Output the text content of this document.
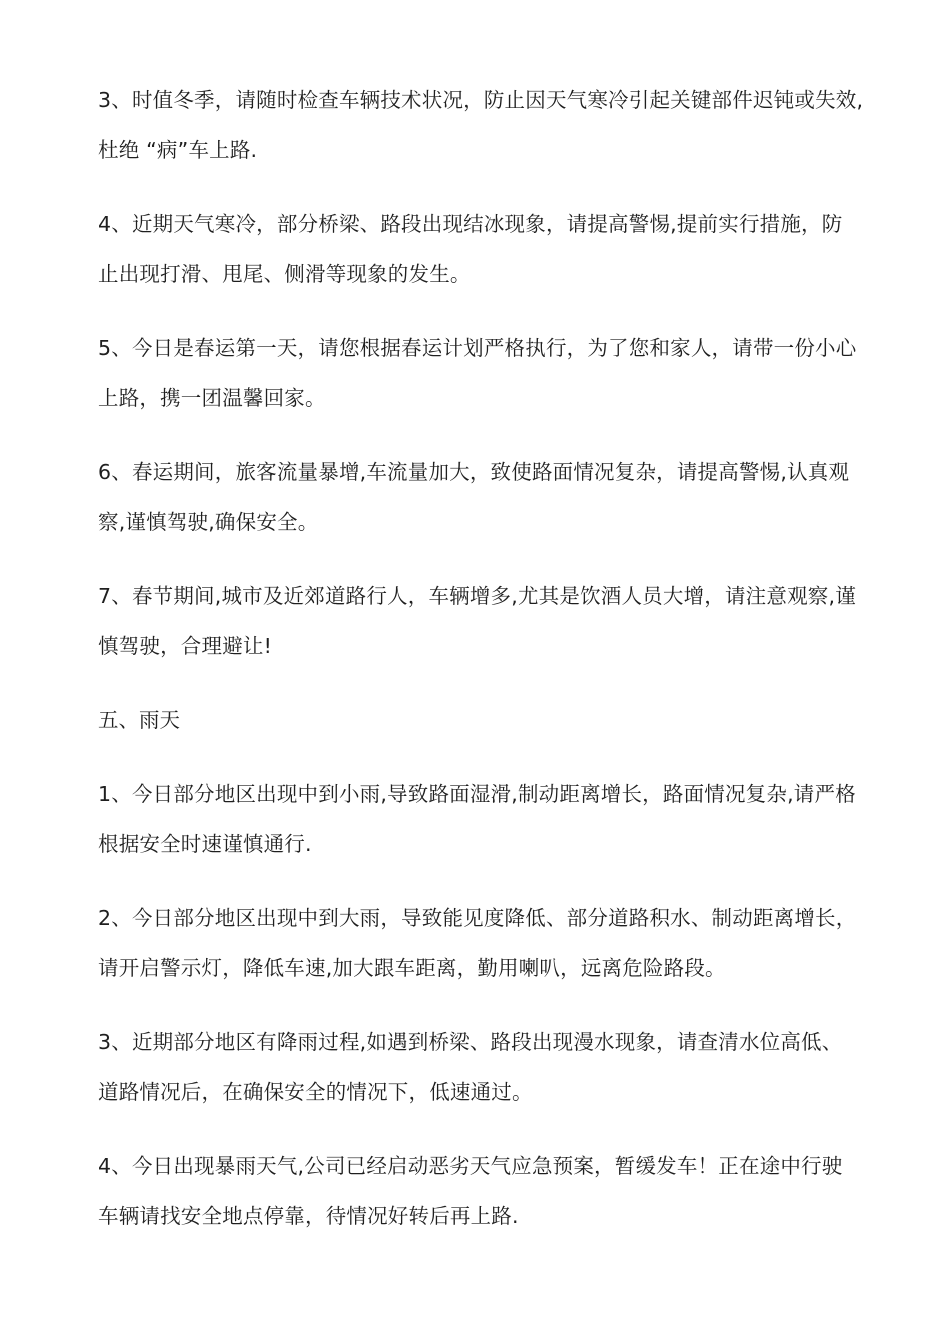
3、时值冬季，请随时检查车辆技术状况，防止因天气寒冷引起关键部件迟钝或失效,
杜绝 “病”车上路.
4、近期天气寒冷，部分桥梁、路段出现结冰现象，请提高警惕,提前实行措施，防
止出现打滑、甩尾、侧滑等现象的发生。
5、今日是春运第一天，请您根据春运计划严格执行，为了您和家人，请带一份小心
上路，携一团温馨回家。
6、春运期间，旅客流量暴增,车流量加大，致使路面情况复杂，请提高警惕,认真观
察,谨慎驾驶,确保安全。
7、春节期间,城市及近郊道路行人，车辆增多,尤其是饮酒人员大增，请注意观察,谨
慎驾驶，合理避让!
五、雨天
1、今日部分地区出现中到小雨,导致路面湿滑,制动距离增长，路面情况复杂,请严格
根据安全时速谨慎通行.
2、今日部分地区出现中到大雨，导致能见度降低、部分道路积水、制动距离增长，
请开启警示灯，降低车速,加大跟车距离，勤用喇叭，远离危险路段。
3、近期部分地区有降雨过程,如遇到桥梁、路段出现漫水现象，请查清水位高低、
道路情况后，在确保安全的情况下，低速通过。
4、今日出现暴雨天气,公司已经启动恶劣天气应急预案，暂缓发车！正在途中行驶
车辆请找安全地点停靠，待情况好转后再上路.
